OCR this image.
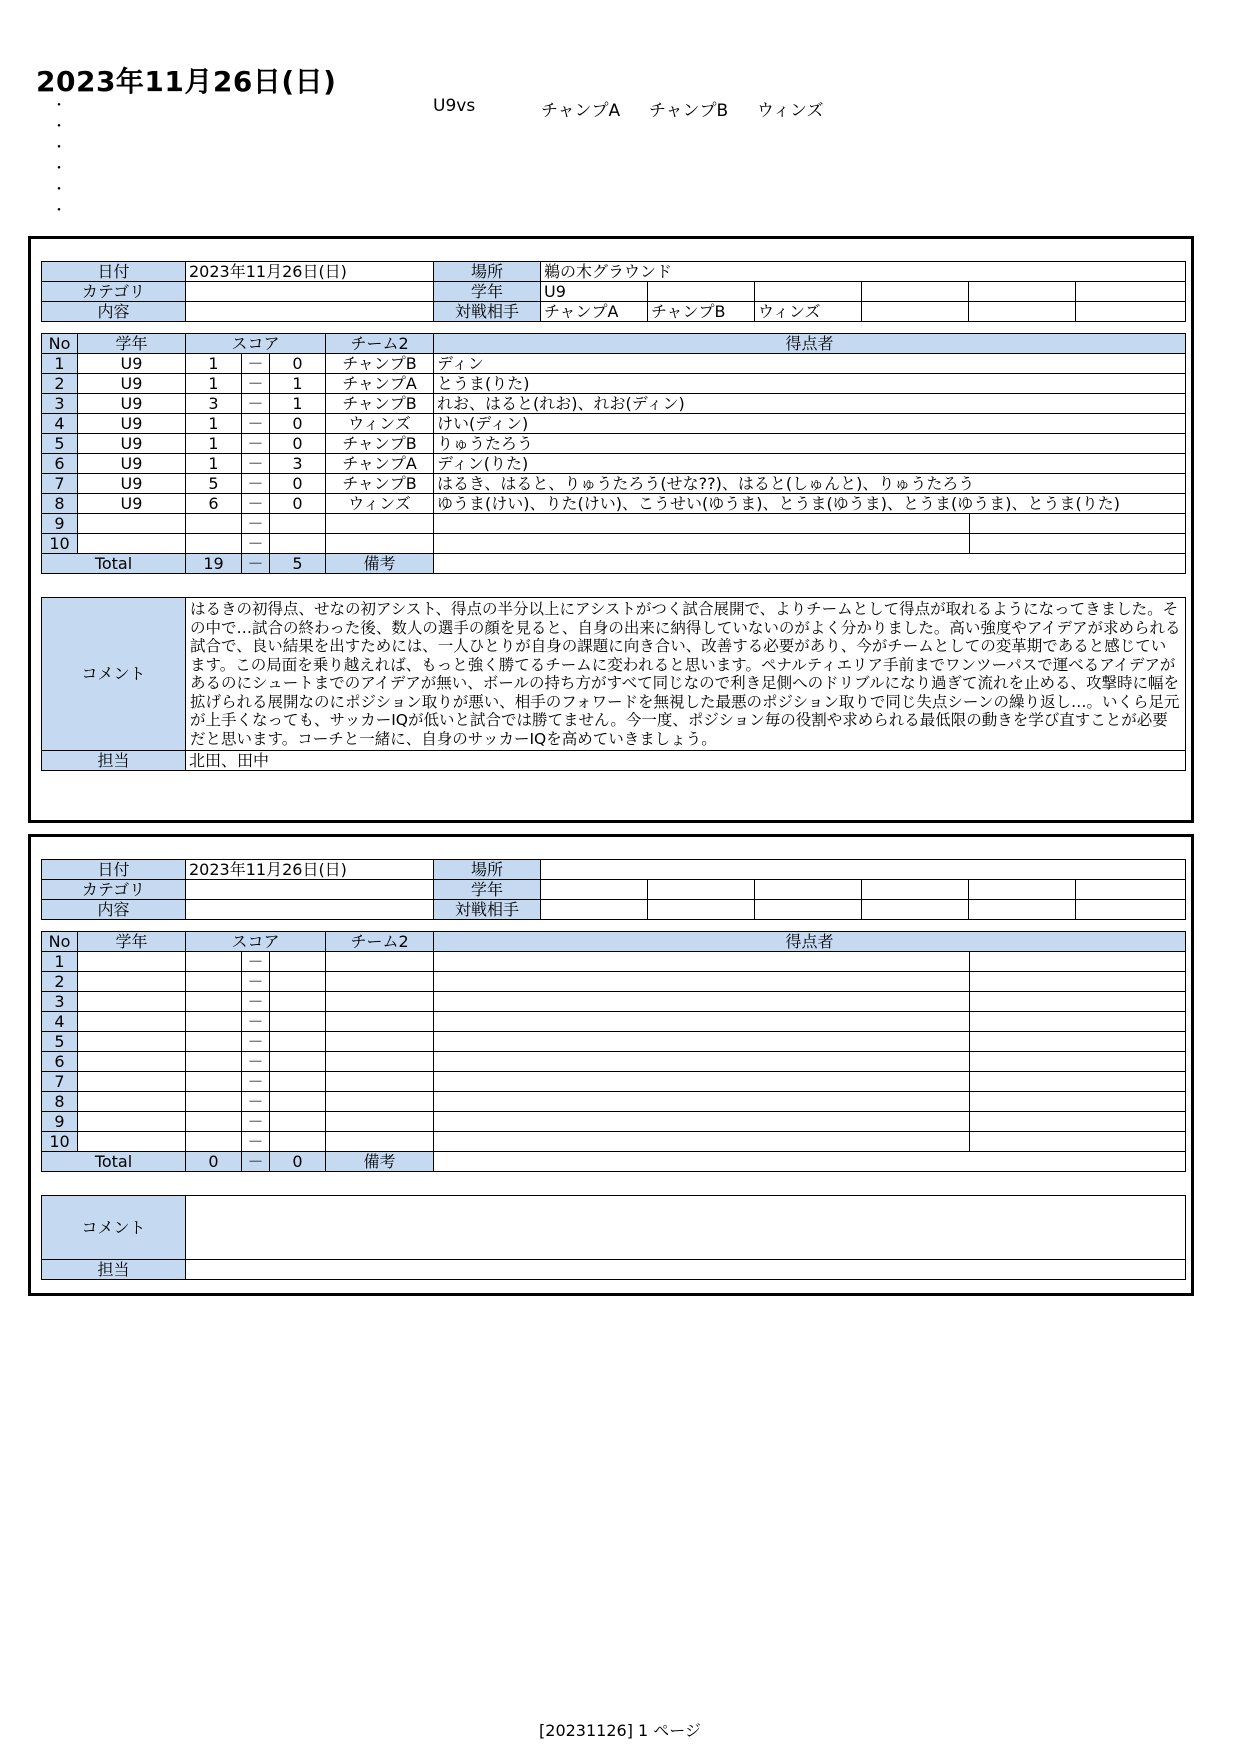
2023年11月26日(日)
・
・
・
・
・
・
U9vs	チャンプA チャンプB ウィンズ
日付	2023年11月26日(日)	場所	鵜の木グラウンド					
カテゴリ		学年	U9					
内容		対戦相手	チャンプA	チャンプB	ウィンズ			
No	学年	スコア			チーム2	得点者	
1	U9	1	－	0	チャンプB	ディン	
2	U9	1	－	1	チャンプA	とうま(りた)	
3	U9	3	－	1	チャンプB	れお、はると(れお)、れお(ディン)	
4	U9	1	－	0	ウィンズ	けい(ディン)	
5	U9	1	－	0	チャンプB	りゅうたろう	
6	U9	1	－	3	チャンプA	ディン(りた)	
7	U9	5	－	0	チャンプB	はるき、はると、りゅうたろう(せな??)、はると(しゅんと)、りゅうたろう	
8	U9	6	－	0	ウィンズ	ゆうま(けい)、りた(けい)、こうせい(ゆうま)、とうま(ゆうま)、とうま(ゆうま)、とうま(りた)	
9			－				
10			－				
Total		19	－	5	備考		
コメント	はるきの初得点、せなの初アシスト、得点の半分以上にアシストがつく試合展開で、よりチームとして得点が取れるようになってきました。その中で…試合の終わった後、数人の選手の顔を見ると、自身の出来に納得していないのがよく分かりました。高い強度やアイデアが求められる試合で、良い結果を出すためには、一人ひとりが自身の課題に向き合い、改善する必要があり、今がチームとしての変革期であると感じています。この局面を乗り越えれば、もっと強く勝てるチームに変われると思います。ペナルティエリア手前までワンツーパスで運べるアイデアがあるのにシュートまでのアイデアが無い、ボールの持ち方がすべて同じなので利き足側へのドリブルになり過ぎて流れを止める、攻撃時に幅を拡げられる展開なのにポジション取りが悪い、相手のフォワードを無視した最悪のポジション取りで同じ失点シーンの繰り返し…。いくら足元が上手くなっても、サッカーIQが低いと試合では勝てません。今一度、ポジション毎の役割や求められる最低限の動きを学び直すことが必要だと思います。コーチと一緒に、自身のサッカーIQを高めていきましょう。
担当	北田、田中
日付	2023年11月26日(日)	場所						
カテゴリ		学年						
内容		対戦相手						
No	学年	スコア			チーム2	得点者	
1			－				
2			－				
3			－				
4			－				
5			－				
6			－				
7			－				
8			－				
9			－				
10			－				
Total		0	－	0	備考		
コメント	
担当	
[20231126] 1 ページ
